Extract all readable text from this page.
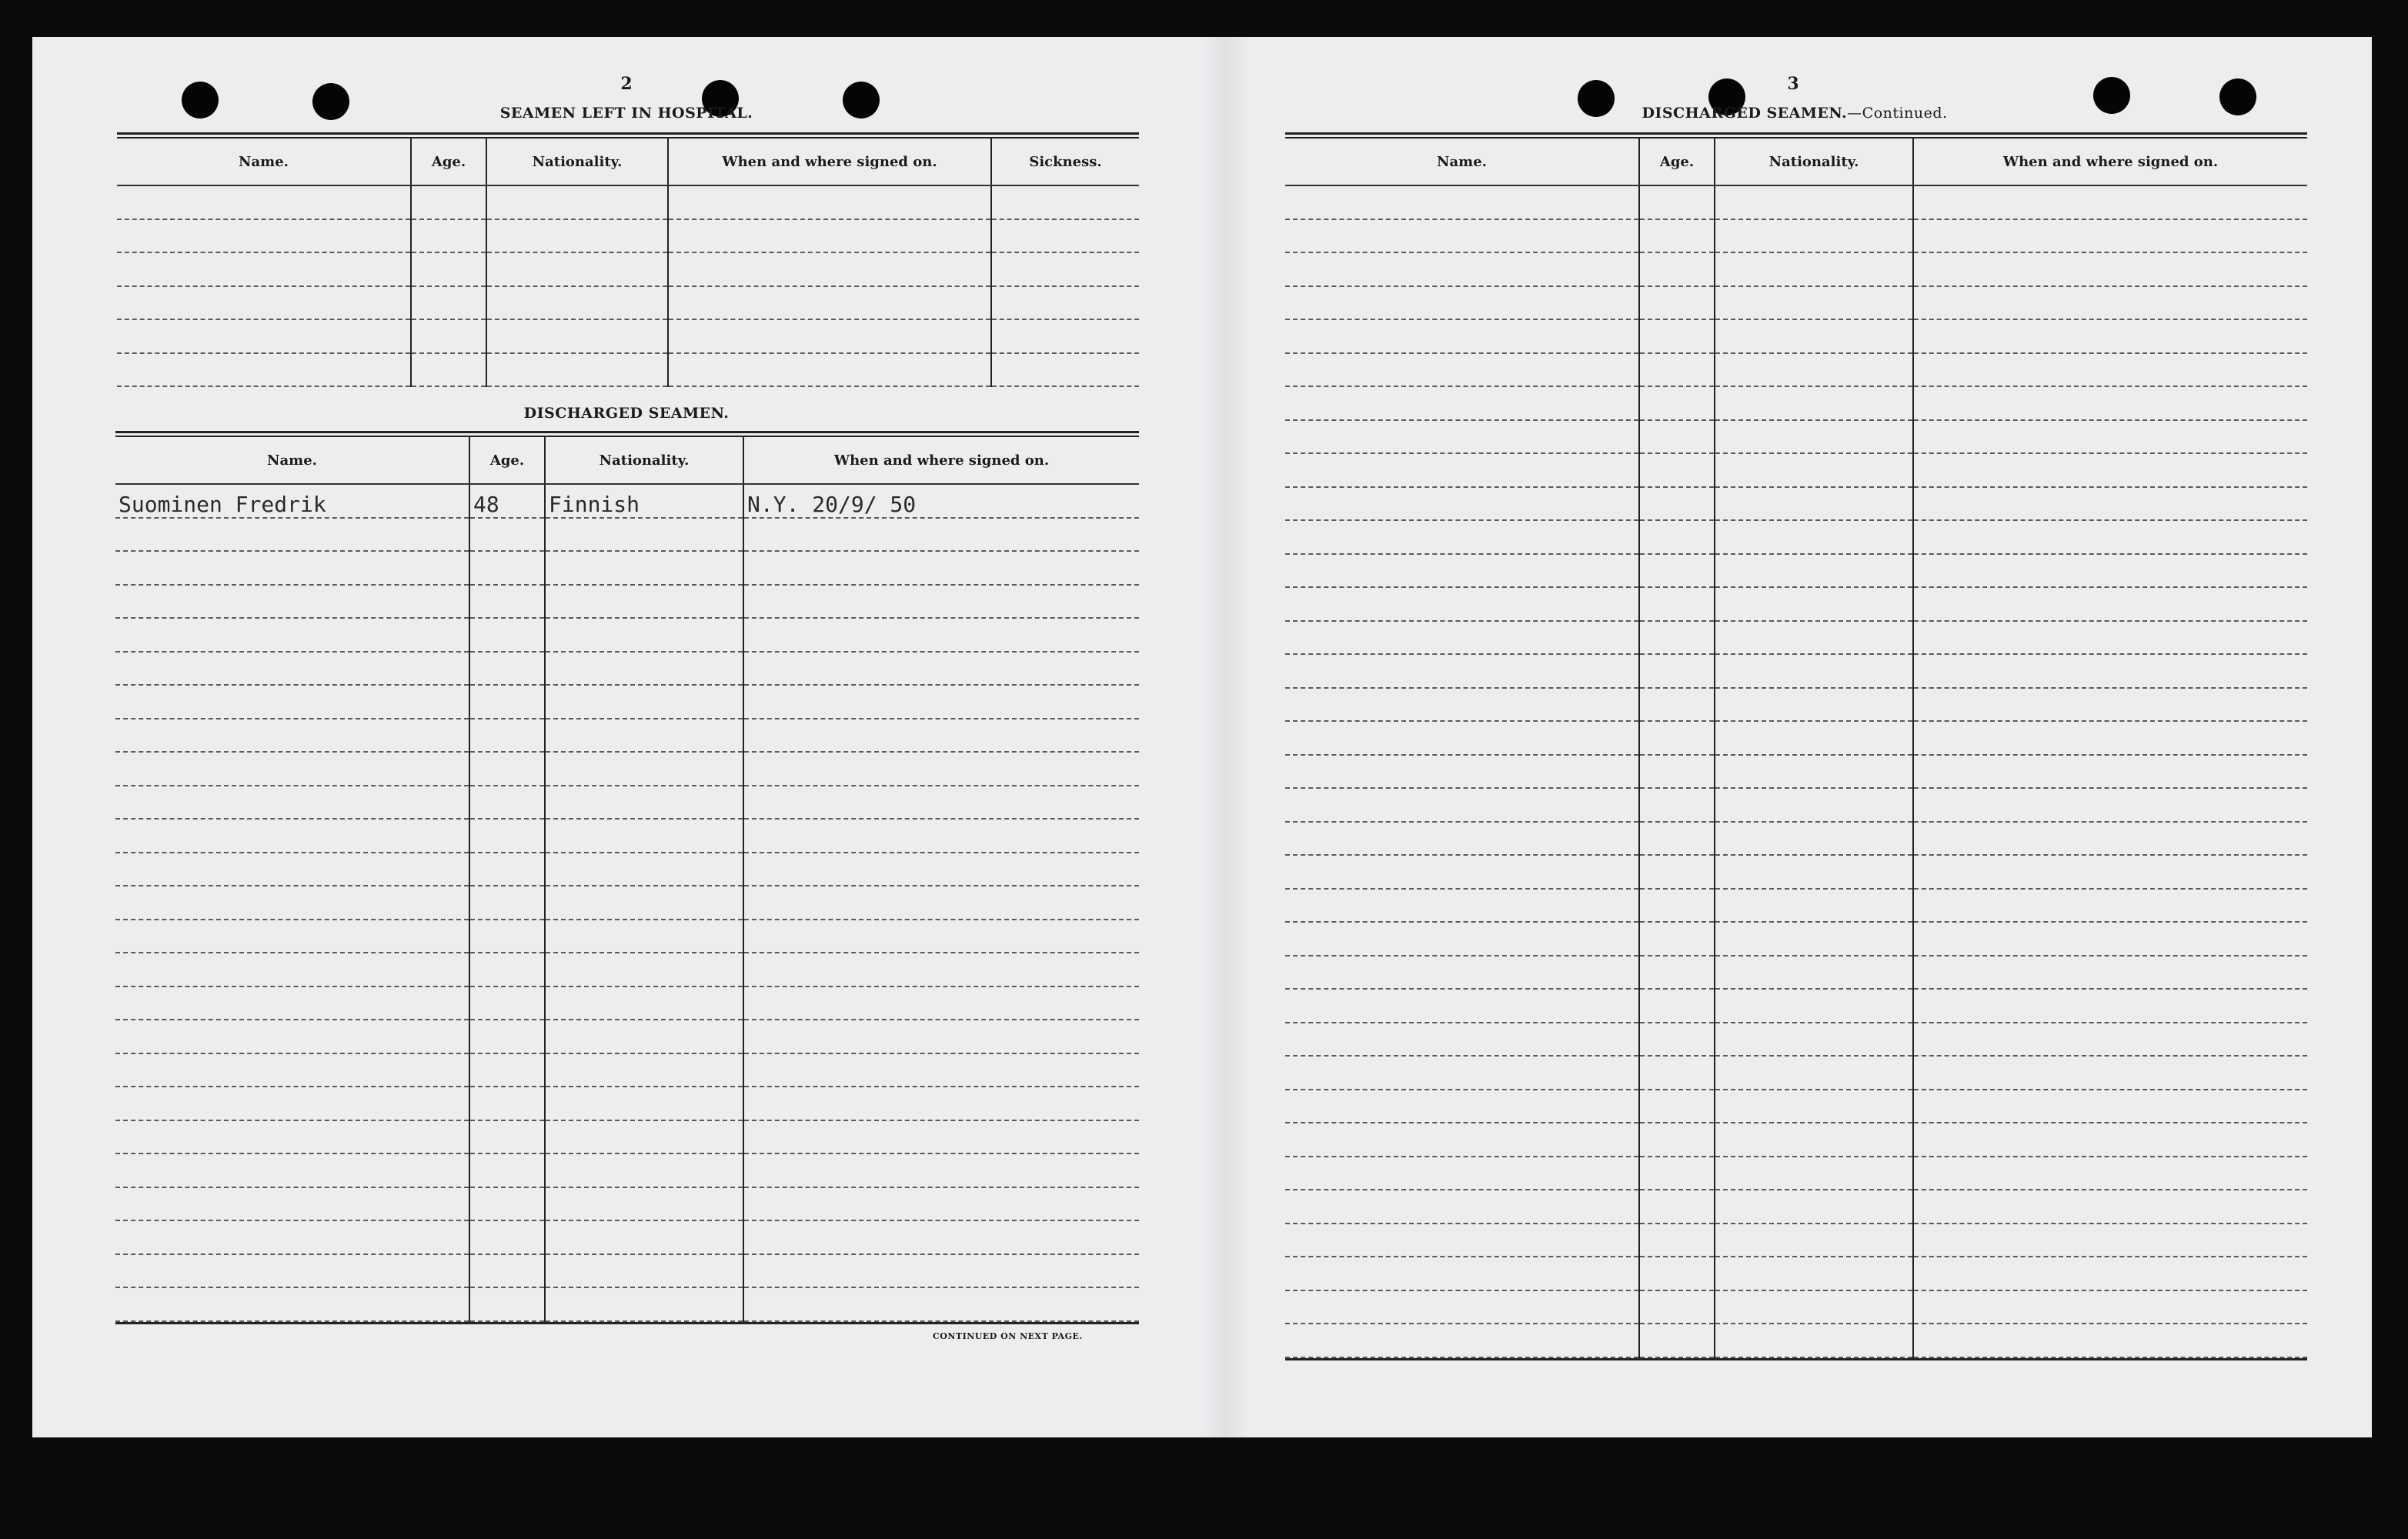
2
SEAMEN LEFT IN HOSPITAL.
Name.	Age.	Nationality.	When and where signed on.	Sickness.

DISCHARGED SEAMEN.
Name.	Age.	Nationality.	When and where signed on.
Suominen Fredrik	48	Finnish	N.Y. 20/9/ 50

CONTINUED ON NEXT PAGE.
3
DISCHARGED SEAMEN.—Continued.
Name.	Age.	Nationality.	When and where signed on.
